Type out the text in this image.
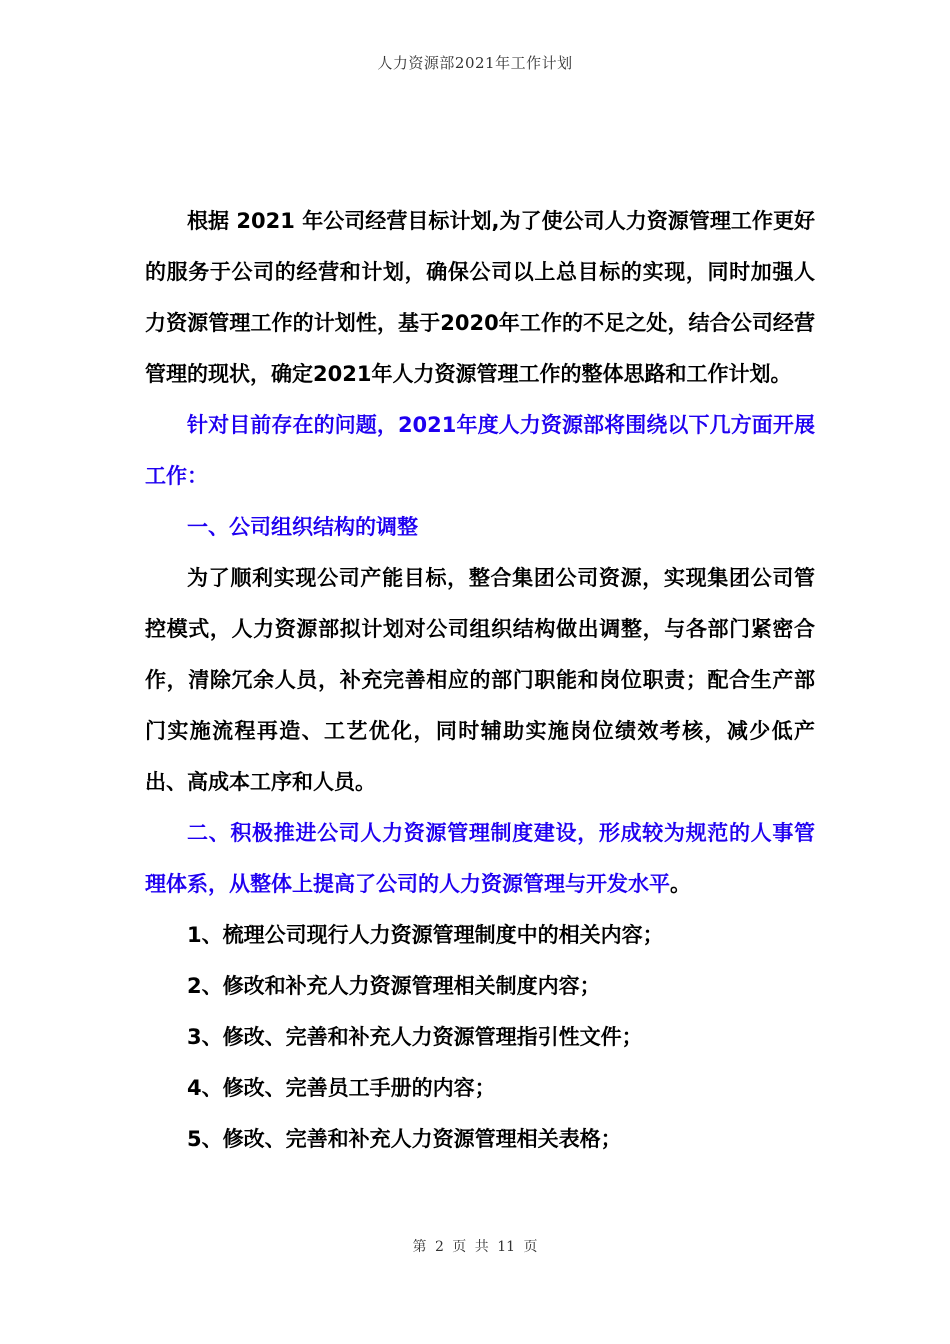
人力资源部2021年工作计划

根据 2021 年公司经营目标计划,为了使公司人力资源管理工作更好的服务于公司的经营和计划，确保公司以上总目标的实现，同时加强人力资源管理工作的计划性，基于2020年工作的不足之处，结合公司经营管理的现状，确定2021年人力资源管理工作的整体思路和工作计划。

针对目前存在的问题，2021年度人力资源部将围绕以下几方面开展工作：

一、公司组织结构的调整

为了顺利实现公司产能目标，整合集团公司资源，实现集团公司管控模式，人力资源部拟计划对公司组织结构做出调整，与各部门紧密合作，清除冗余人员，补充完善相应的部门职能和岗位职责；配合生产部门实施流程再造、工艺优化，同时辅助实施岗位绩效考核，减少低产出、高成本工序和人员。

二、积极推进公司人力资源管理制度建设，形成较为规范的人事管理体系，从整体上提高了公司的人力资源管理与开发水平。

1、梳理公司现行人力资源管理制度中的相关内容；

2、修改和补充人力资源管理相关制度内容；

3、修改、完善和补充人力资源管理指引性文件；

4、修改、完善员工手册的内容；

5、修改、完善和补充人力资源管理相关表格；

第 2 页 共 11 页
